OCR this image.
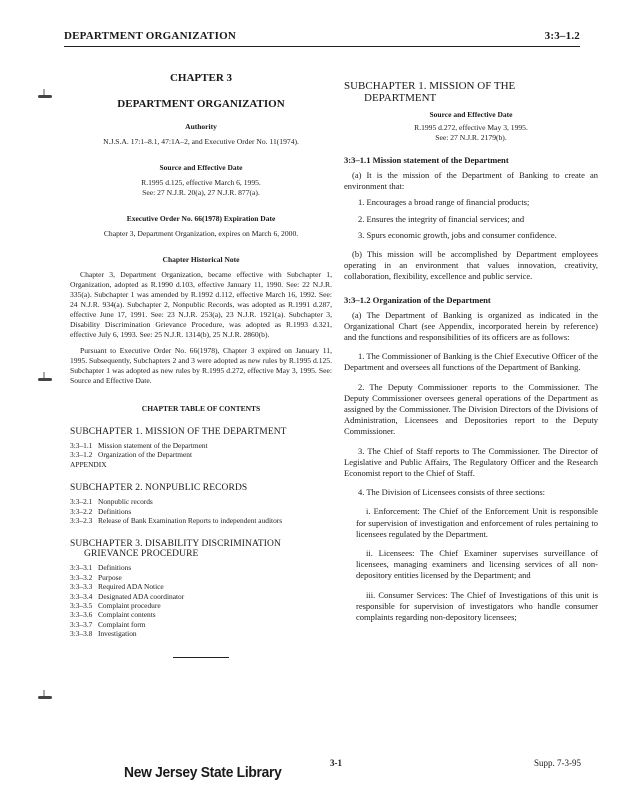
DEPARTMENT ORGANIZATION	3:3–1.2
CHAPTER 3
DEPARTMENT ORGANIZATION
Authority
N.J.S.A. 17:1–8.1, 47:1A–2, and Executive Order No. 11(1974).
Source and Effective Date
R.1995 d.125, effective March 6, 1995.
See: 27 N.J.R. 20(a), 27 N.J.R. 877(a).
Executive Order No. 66(1978) Expiration Date
Chapter 3, Department Organization, expires on March 6, 2000.
Chapter Historical Note

Chapter 3, Department Organization, became effective with Subchapter 1, Organization, adopted as R.1990 d.103, effective January 11, 1990. See: 22 N.J.R. 335(a). Subchapter 1 was amended by R.1992 d.112, effective March 16, 1992. See: 24 N.J.R. 934(a). Subchapter 2, Nonpublic Records, was adopted as R.1991 d.287, effective June 17, 1991. See: 23 N.J.R. 253(a), 23 N.J.R. 1921(a). Subchapter 3, Disability Discrimination Grievance Procedure, was adopted as R.1993 d.321, effective July 6, 1993. See: 25 N.J.R. 1314(b), 25 N.J.R. 2860(b).

Pursuant to Executive Order No. 66(1978), Chapter 3 expired on January 11, 1995. Subsequently, Subchapters 2 and 3 were adopted as new rules by R.1995 d.125. Subchapter 1 was adopted as new rules by R.1995 d.272, effective May 3, 1995. See: Source and Effective Date.

CHAPTER TABLE OF CONTENTS
SUBCHAPTER 1. MISSION OF THE DEPARTMENT
3:3–1.1 Mission statement of the Department
3:3–1.2 Organization of the Department
APPENDIX
SUBCHAPTER 2. NONPUBLIC RECORDS
3:3–2.1 Nonpublic records
3:3–2.2 Definitions
3:3–2.3 Release of Bank Examination Reports to independent auditors
SUBCHAPTER 3. DISABILITY DISCRIMINATION
GRIEVANCE PROCEDURE
3:3–3.1 Definitions
3:3–3.2 Purpose
3:3–3.3 Required ADA Notice
3:3–3.4 Designated ADA coordinator
3:3–3.5 Complaint procedure
3:3–3.6 Complaint contents
3:3–3.7 Complaint form
3:3–3.8 Investigation
SUBCHAPTER 1. MISSION OF THE
DEPARTMENT
Source and Effective Date
R.1995 d.272, effective May 3, 1995.
See: 27 N.J.R. 2179(b).
3:3–1.1 Mission statement of the Department

(a) It is the mission of the Department of Banking to create an environment that:

1. Encourages a broad range of financial products;

2. Ensures the integrity of financial services; and

3. Spurs economic growth, jobs and consumer confidence.

(b) This mission will be accomplished by Department employees operating in an environment that values innovation, creativity, collaboration, flexibility, excellence and public service.

3:3–1.2 Organization of the Department

(a) The Department of Banking is organized as indicated in the Organizational Chart (see Appendix, incorporated herein by reference) and the functions and responsibilities of its officers are as follows:

1. The Commissioner of Banking is the Chief Executive Officer of the Department and oversees all functions of the Department of Banking.

2. The Deputy Commissioner reports to the Commissioner. The Deputy Commissioner oversees general operations of the Department as assigned by the Commissioner. The Division Directors of the Divisions of Administration, Licensees and Depositories report to the Deputy Commissioner.

3. The Chief of Staff reports to The Commissioner. The Director of Legislative and Public Affairs, The Regulatory Officer and the Research Economist report to the Chief of Staff.

4. The Division of Licensees consists of three sections:

i. Enforcement: The Chief of the Enforcement Unit is responsible for supervision of investigation and enforcement of rules pertaining to licensees regulated by the Department.

ii. Licensees: The Chief Examiner supervises surveillance of licensees, managing examiners and licensing services of all non-depository entities licensed by the Department; and

iii. Consumer Services: The Chief of Investigations of this unit is responsible for supervision of investigators who handle consumer complaints regarding non-depository licensees;

New Jersey State Library
3-1	Supp. 7-3-95
